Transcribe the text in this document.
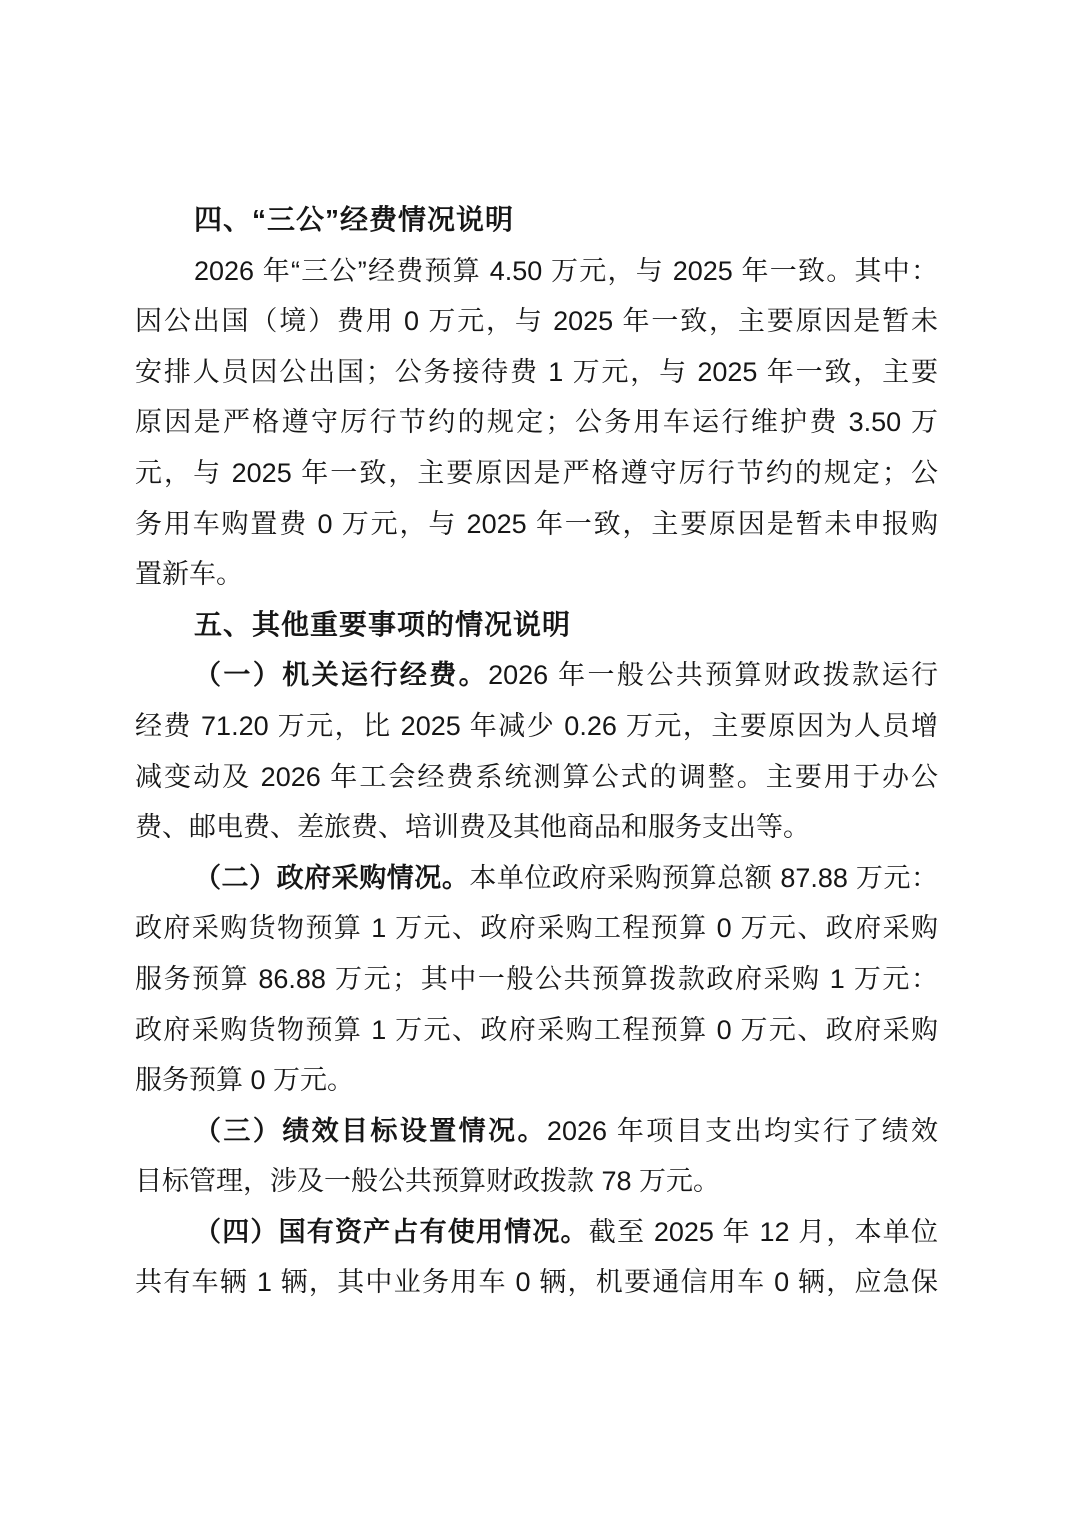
四、“三公”经费情况说明
2026 年“三公”经费预算 4.50 万元，与 2025 年一致。其中：
因公出国（境）费用 0 万元，与 2025 年一致，主要原因是暂未
安排人员因公出国；公务接待费 1 万元，与 2025 年一致，主要
原因是严格遵守厉行节约的规定；公务用车运行维护费 3.50 万
元，与 2025 年一致，主要原因是严格遵守厉行节约的规定；公
务用车购置费 0 万元，与 2025 年一致，主要原因是暂未申报购
置新车。
五、其他重要事项的情况说明
（一）机关运行经费。2026 年一般公共预算财政拨款运行
经费 71.20 万元，比 2025 年减少 0.26 万元，主要原因为人员增
减变动及 2026 年工会经费系统测算公式的调整。主要用于办公
费、邮电费、差旅费、培训费及其他商品和服务支出等。
（二）政府采购情况。本单位政府采购预算总额 87.88 万元：
政府采购货物预算 1 万元、政府采购工程预算 0 万元、政府采购
服务预算 86.88 万元；其中一般公共预算拨款政府采购 1 万元：
政府采购货物预算 1 万元、政府采购工程预算 0 万元、政府采购
服务预算 0 万元。
（三）绩效目标设置情况。2026 年项目支出均实行了绩效
目标管理，涉及一般公共预算财政拨款 78 万元。
（四）国有资产占有使用情况。截至 2025 年 12 月，本单位
共有车辆 1 辆，其中业务用车 0 辆，机要通信用车 0 辆，应急保
